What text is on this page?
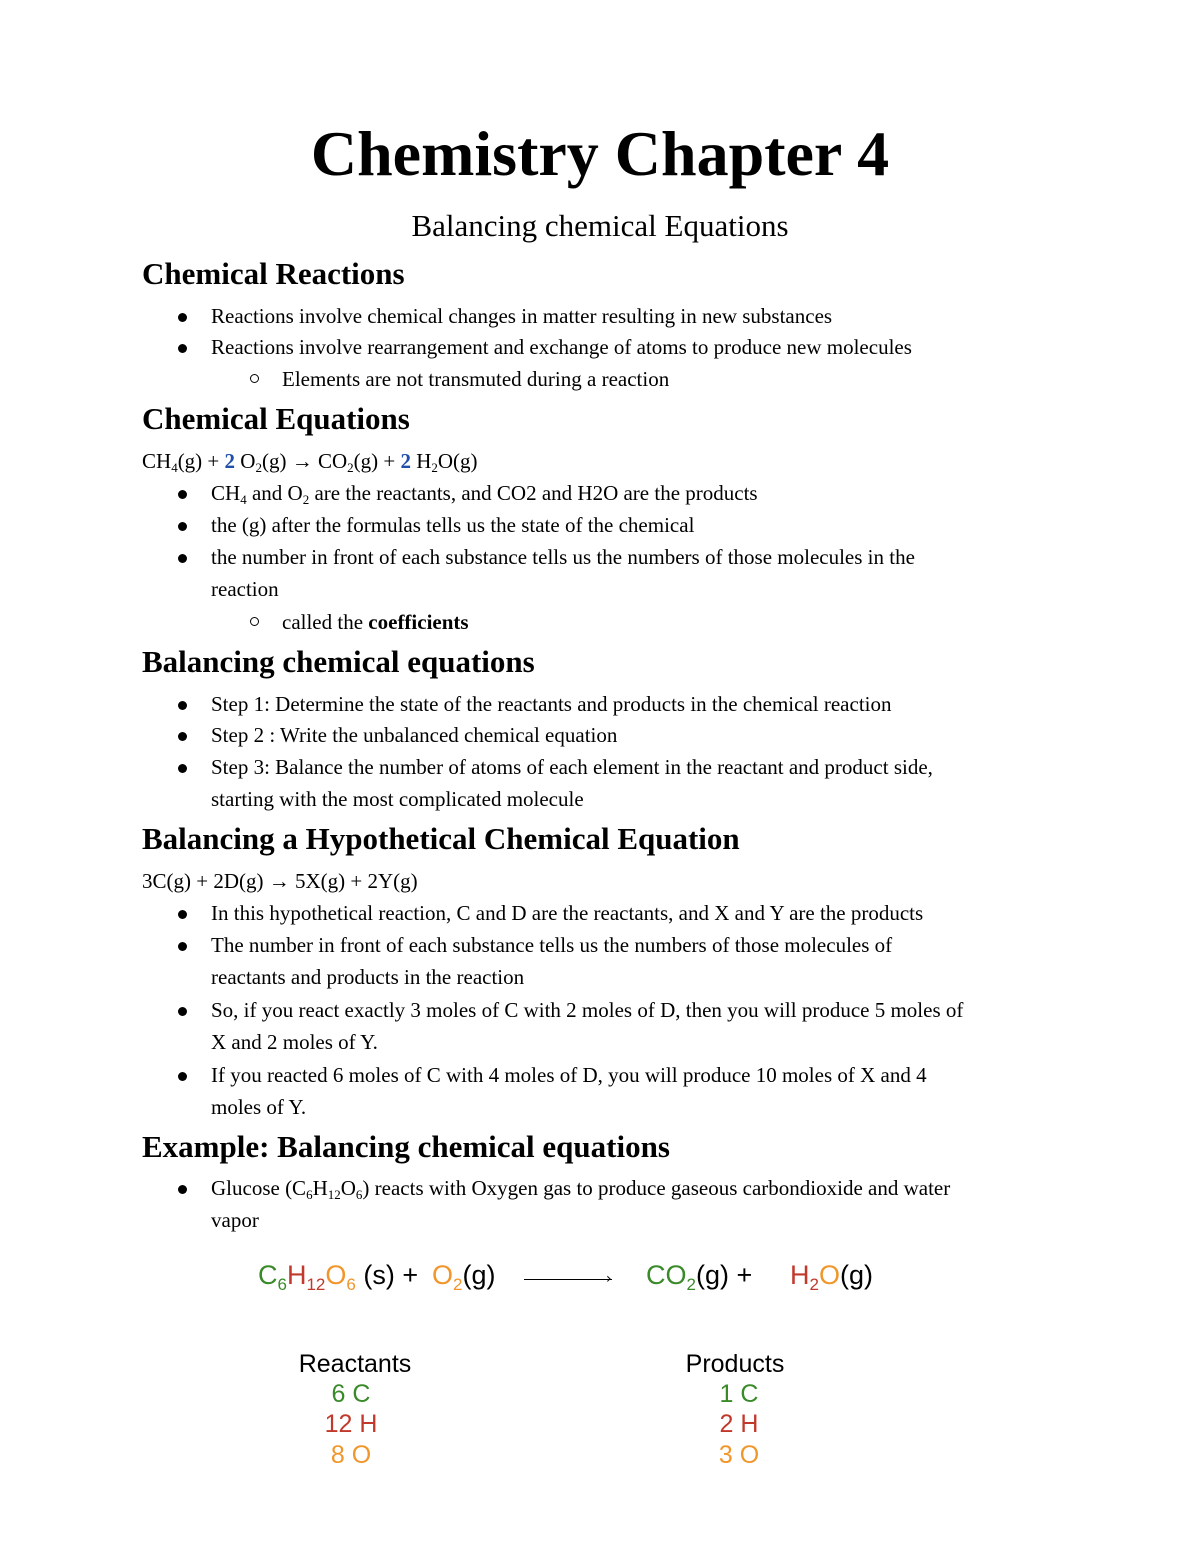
Chemistry Chapter 4
Balancing chemical Equations
Chemical Reactions
Reactions involve chemical changes in matter resulting in new substances
Reactions involve rearrangement and exchange of atoms to produce new molecules
Elements are not transmuted during a reaction
Chemical Equations
$CH_4(g) + 2$ $O_2(g) \to CO_2(g) + 2$ $H_2O(g)$
$CH_4$ and $O_2$ are the reactants, and CO2 and H2O are the products
the (g) after the formulas tells us the state of the chemical
the number in front of each substance tells us the numbers of those molecules in the
reaction
called the coefficients
Balancing chemical equations
Step 1: Determine the state of the reactants and products in the chemical reaction
Step 2 : Write the unbalanced chemical equation
Step 3: Balance the number of atoms of each element in the reactant and product side,
starting with the most complicated molecule
Balancing a Hypothetical Chemical Equation
3C(g) + 2D(g) → 5X(g) + 2Y(g)
In this hypothetical reaction, C and D are the reactants, and X and Y are the products
The number in front of each substance tells us the numbers of those molecules of
reactants and products in the reaction
So, if you react exactly 3 moles of C with 2 moles of D, then you will produce 5 moles of
X and 2 moles of Y.
If you reacted 6 moles of C with 4 moles of D, you will produce 10 moles of X and 4
moles of Y.
Example: Balancing chemical equations
Glucose $(C_6H_{12}O_6)$ reacts with Oxygen gas to produce gaseous carbondioxide and water
vapor
$C_6H_{12}O_6$ $(s) + O_2(g)$	› $CO_2(g) + H_2O(g)$
Reactants
6 C
12 H
8 O
Products
1 C
2 H
3 O
